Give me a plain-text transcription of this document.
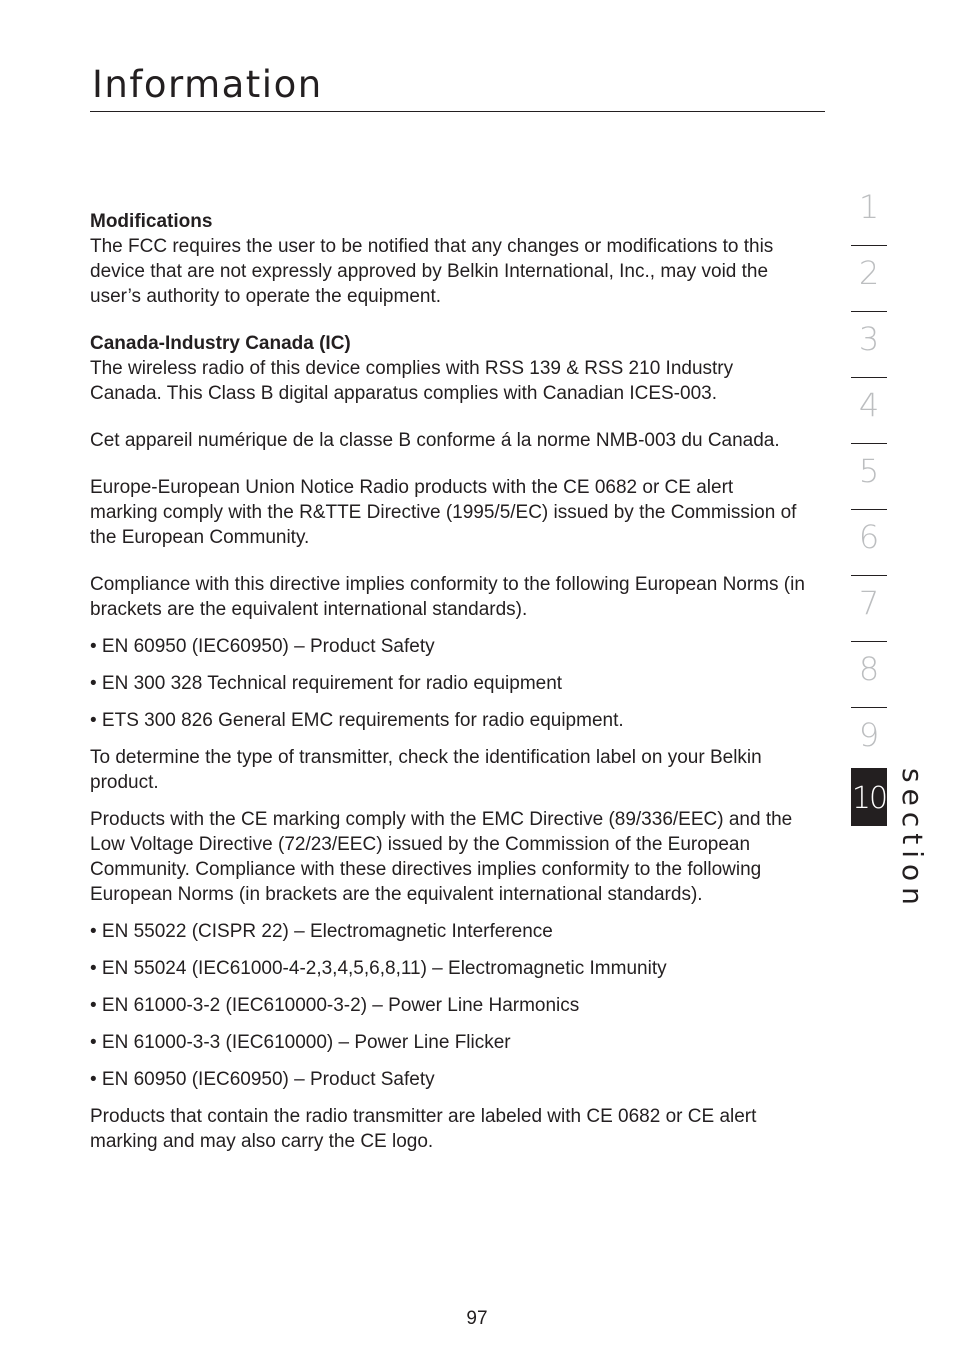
Information

Modifications

The FCC requires the user to be notified that any changes or modifications to this device that are not expressly approved by Belkin International, Inc., may void the user’s authority to operate the equipment.

Canada-Industry Canada (IC)

The wireless radio of this device complies with RSS 139 & RSS 210 Industry Canada. This Class B digital apparatus complies with Canadian ICES-003.

Cet appareil numérique de la classe B conforme á la norme NMB-003 du Canada.

Europe-European Union Notice Radio products with the CE 0682 or CE alert marking comply with the R&TTE Directive (1995/5/EC) issued by the Commission of the European Community.

Compliance with this directive implies conformity to the following European Norms (in brackets are the equivalent international standards).

• EN 60950 (IEC60950) – Product Safety

• EN 300 328 Technical requirement for radio equipment

• ETS 300 826 General EMC requirements for radio equipment.

To determine the type of transmitter, check the identification label on your Belkin product.

Products with the CE marking comply with the EMC Directive (89/336/EEC) and the Low Voltage Directive (72/23/EEC) issued by the Commission of the European Community. Compliance with these directives implies conformity to the following European Norms (in brackets are the equivalent international standards).

• EN 55022 (CISPR 22) – Electromagnetic Interference

• EN 55024 (IEC61000-4-2,3,4,5,6,8,11) – Electromagnetic Immunity

• EN 61000-3-2 (IEC610000-3-2) – Power Line Harmonics

• EN 61000-3-3 (IEC610000) – Power Line Flicker

• EN 60950 (IEC60950) – Product Safety

Products that contain the radio transmitter are labeled with CE 0682 or CE alert marking and may also carry the CE logo.

1
2
3
4
5
6
7
8
9
10 section
97
